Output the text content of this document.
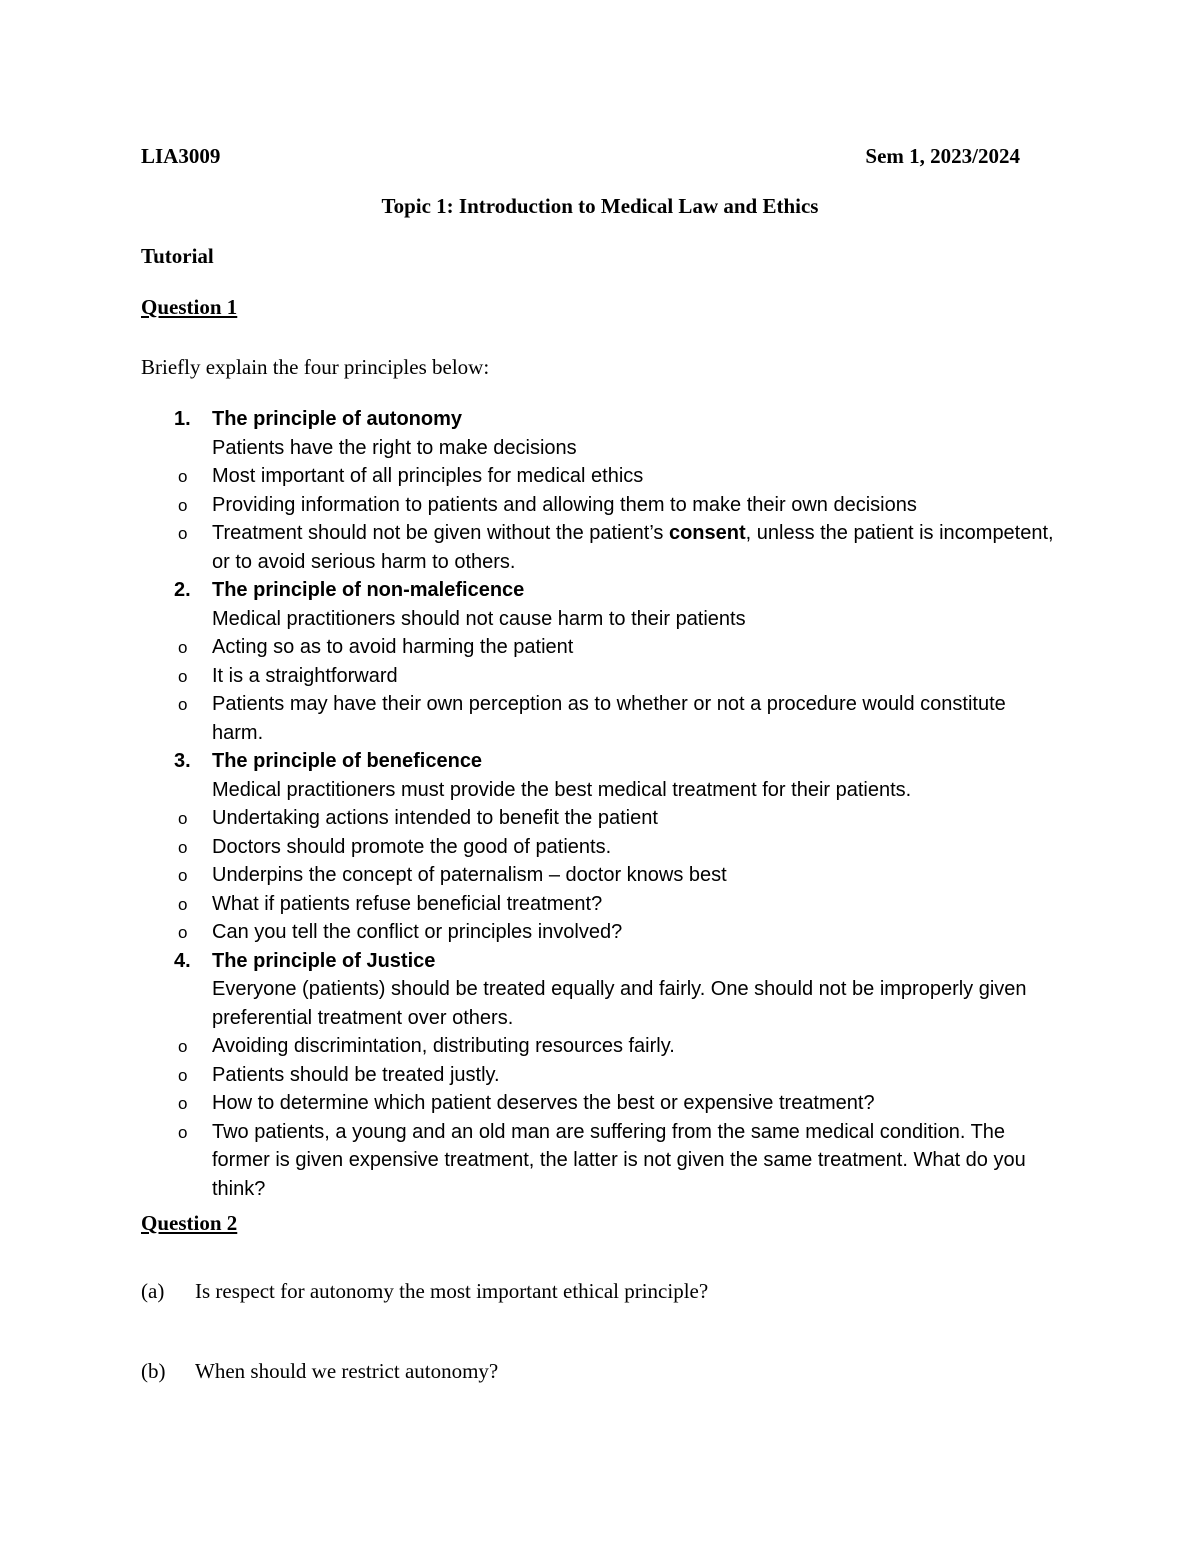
LIA3009	Sem 1, 2023/2024
Topic 1: Introduction to Medical Law and Ethics
Tutorial
Question 1
Briefly explain the four principles below:
1. The principle of autonomy
Patients have the right to make decisions
o Most important of all principles for medical ethics
o Providing information to patients and allowing them to make their own decisions
o Treatment should not be given without the patient’s consent, unless the patient is incompetent, or to avoid serious harm to others.
2. The principle of non-maleficence
Medical practitioners should not cause harm to their patients
o Acting so as to avoid harming the patient
o It is a straightforward
o Patients may have their own perception as to whether or not a procedure would constitute harm.
3. The principle of beneficence
Medical practitioners must provide the best medical treatment for their patients.
o Undertaking actions intended to benefit the patient
o Doctors should promote the good of patients.
o Underpins the concept of paternalism – doctor knows best
o What if patients refuse beneficial treatment?
o Can you tell the conflict or principles involved?
4. The principle of Justice
Everyone (patients) should be treated equally and fairly. One should not be improperly given preferential treatment over others.
o Avoiding discrimintation, distributing resources fairly.
o Patients should be treated justly.
o How to determine which patient deserves the best or expensive treatment?
o Two patients, a young and an old man are suffering from the same medical condition. The former is given expensive treatment, the latter is not given the same treatment. What do you think?
Question 2
(a) Is respect for autonomy the most important ethical principle?
(b) When should we restrict autonomy?
